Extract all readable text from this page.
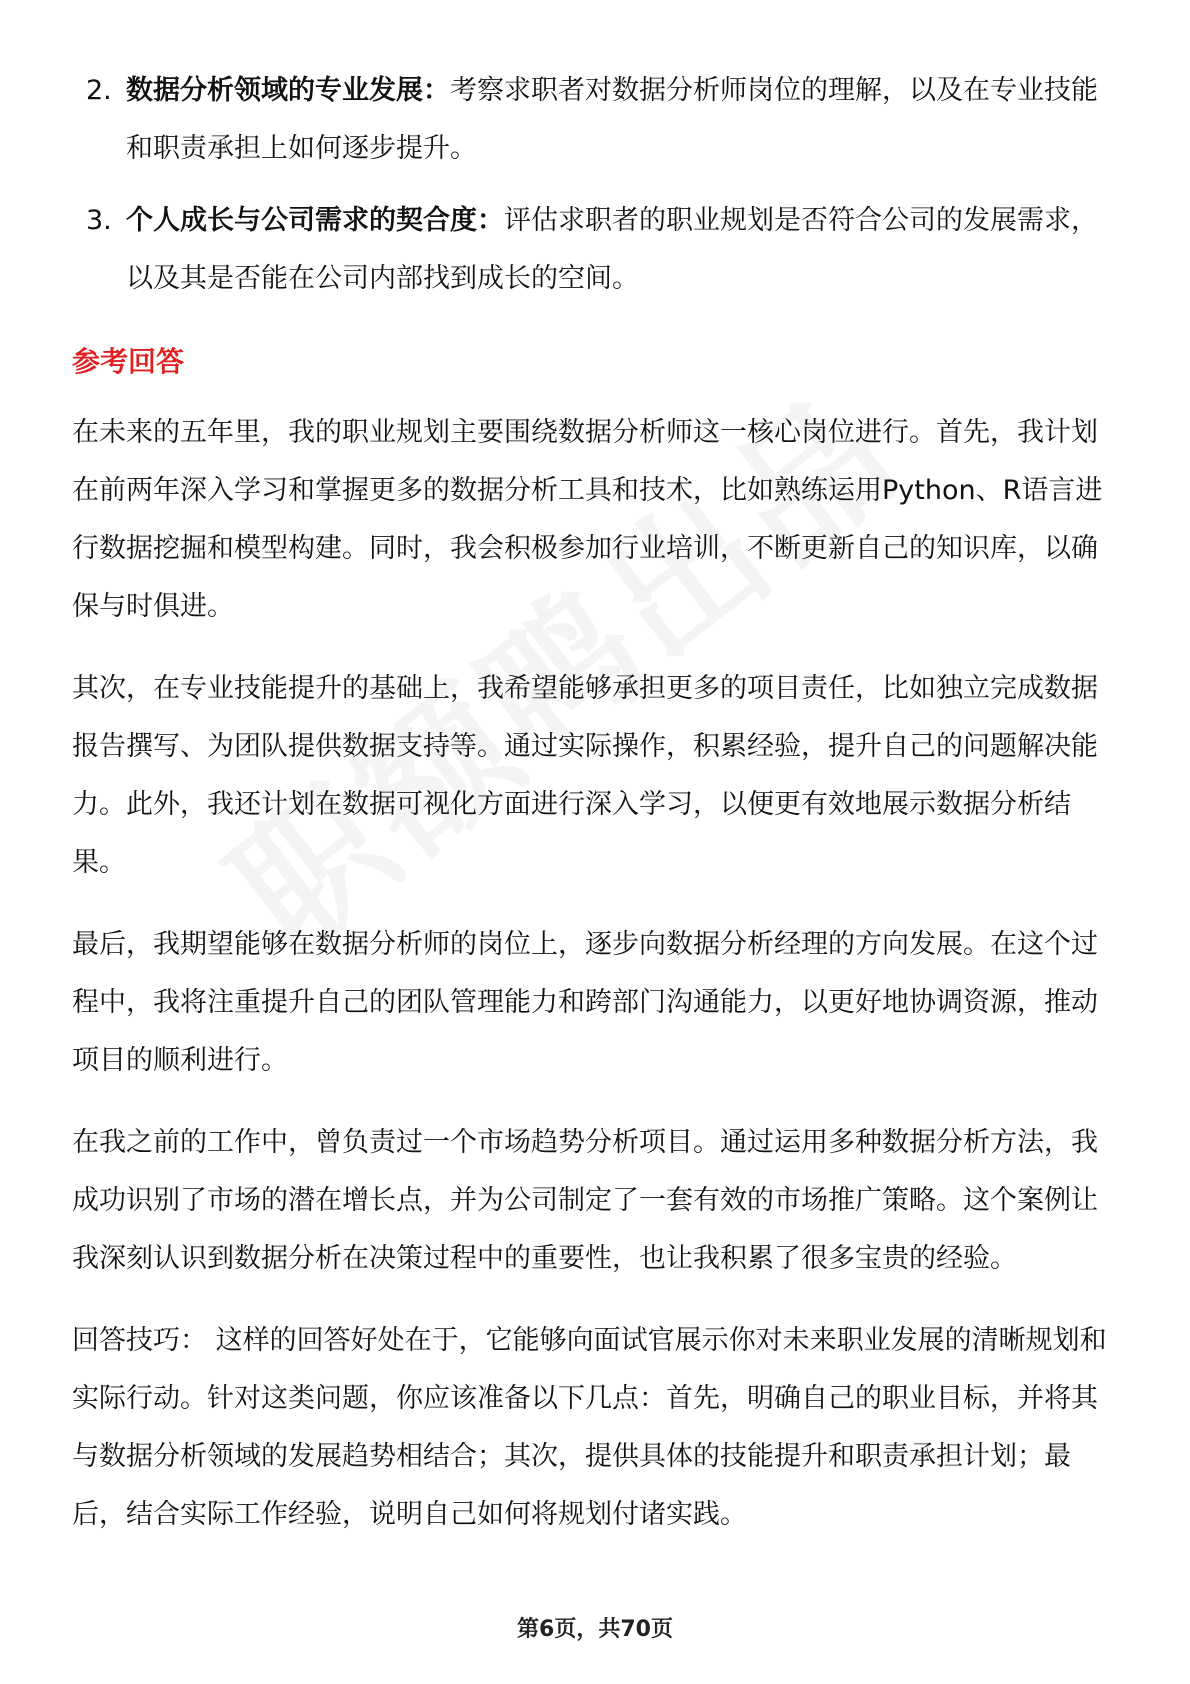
2. 数据分析领域的专业发展：考察求职者对数据分析师岗位的理解，以及在专业技能和职责承担上如何逐步提升。
3. 个人成长与公司需求的契合度：评估求职者的职业规划是否符合公司的发展需求，以及其是否能在公司内部找到成长的空间。
参考回答

在未来的五年里，我的职业规划主要围绕数据分析师这一核心岗位进行。首先，我计划在前两年深入学习和掌握更多的数据分析工具和技术，比如熟练运用Python、R语言进行数据挖掘和模型构建。同时，我会积极参加行业培训，不断更新自己的知识库，以确保与时俱进。

其次，在专业技能提升的基础上，我希望能够承担更多的项目责任，比如独立完成数据报告撰写、为团队提供数据支持等。通过实际操作，积累经验，提升自己的问题解决能力。此外，我还计划在数据可视化方面进行深入学习，以便更有效地展示数据分析结果。

最后，我期望能够在数据分析师的岗位上，逐步向数据分析经理的方向发展。在这个过程中，我将注重提升自己的团队管理能力和跨部门沟通能力，以更好地协调资源，推动项目的顺利进行。

在我之前的工作中，曾负责过一个市场趋势分析项目。通过运用多种数据分析方法，我成功识别了市场的潜在增长点，并为公司制定了一套有效的市场推广策略。这个案例让我深刻认识到数据分析在决策过程中的重要性，也让我积累了很多宝贵的经验。

回答技巧： 这样的回答好处在于，它能够向面试官展示你对未来职业发展的清晰规划和实际行动。针对这类问题，你应该准备以下几点：首先，明确自己的职业目标，并将其与数据分析领域的发展趋势相结合；其次，提供具体的技能提升和职责承担计划；最后，结合实际工作经验，说明自己如何将规划付诸实践。

第6页，共70页
